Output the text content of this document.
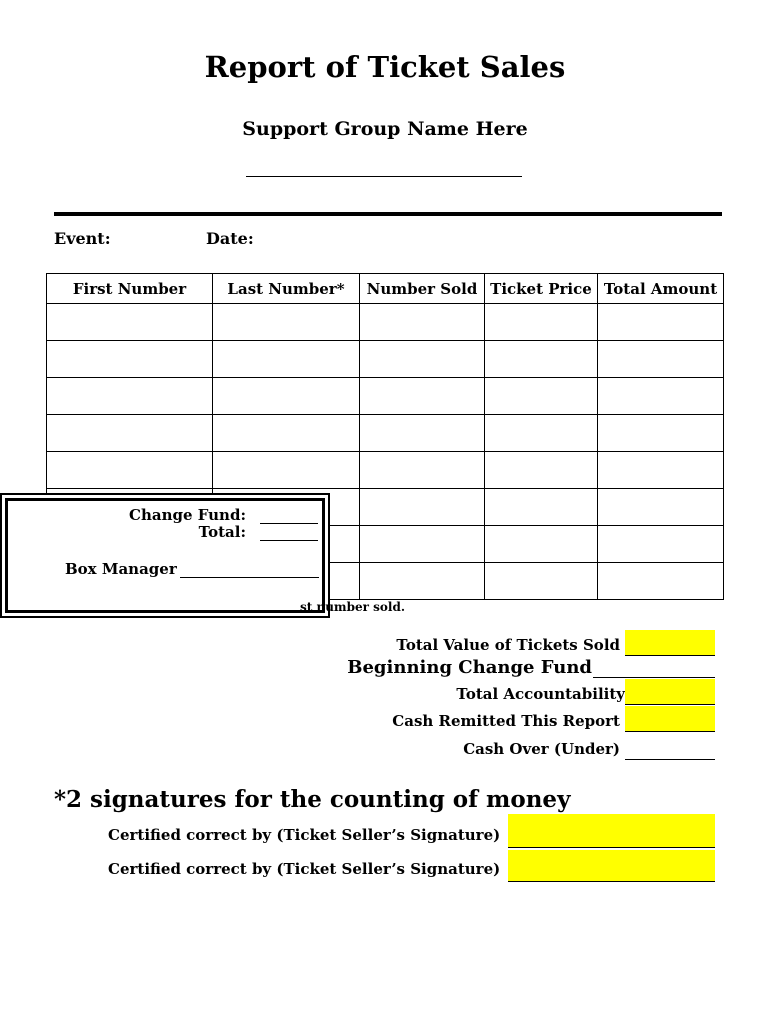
Report of Ticket Sales
Support Group Name Here
Event:	Date:
First Number	Last Number*	Number Sold	Ticket Price	Total Amount

Change Fund:
Total:
Box Manager
st number sold.
Total Value of Tickets Sold
Beginning Change Fund
Total Accountability
Cash Remitted This Report
Cash Over (Under)
*2 signatures for the counting of money
Certified correct by (Ticket Seller’s Signature)
Certified correct by (Ticket Seller’s Signature)
